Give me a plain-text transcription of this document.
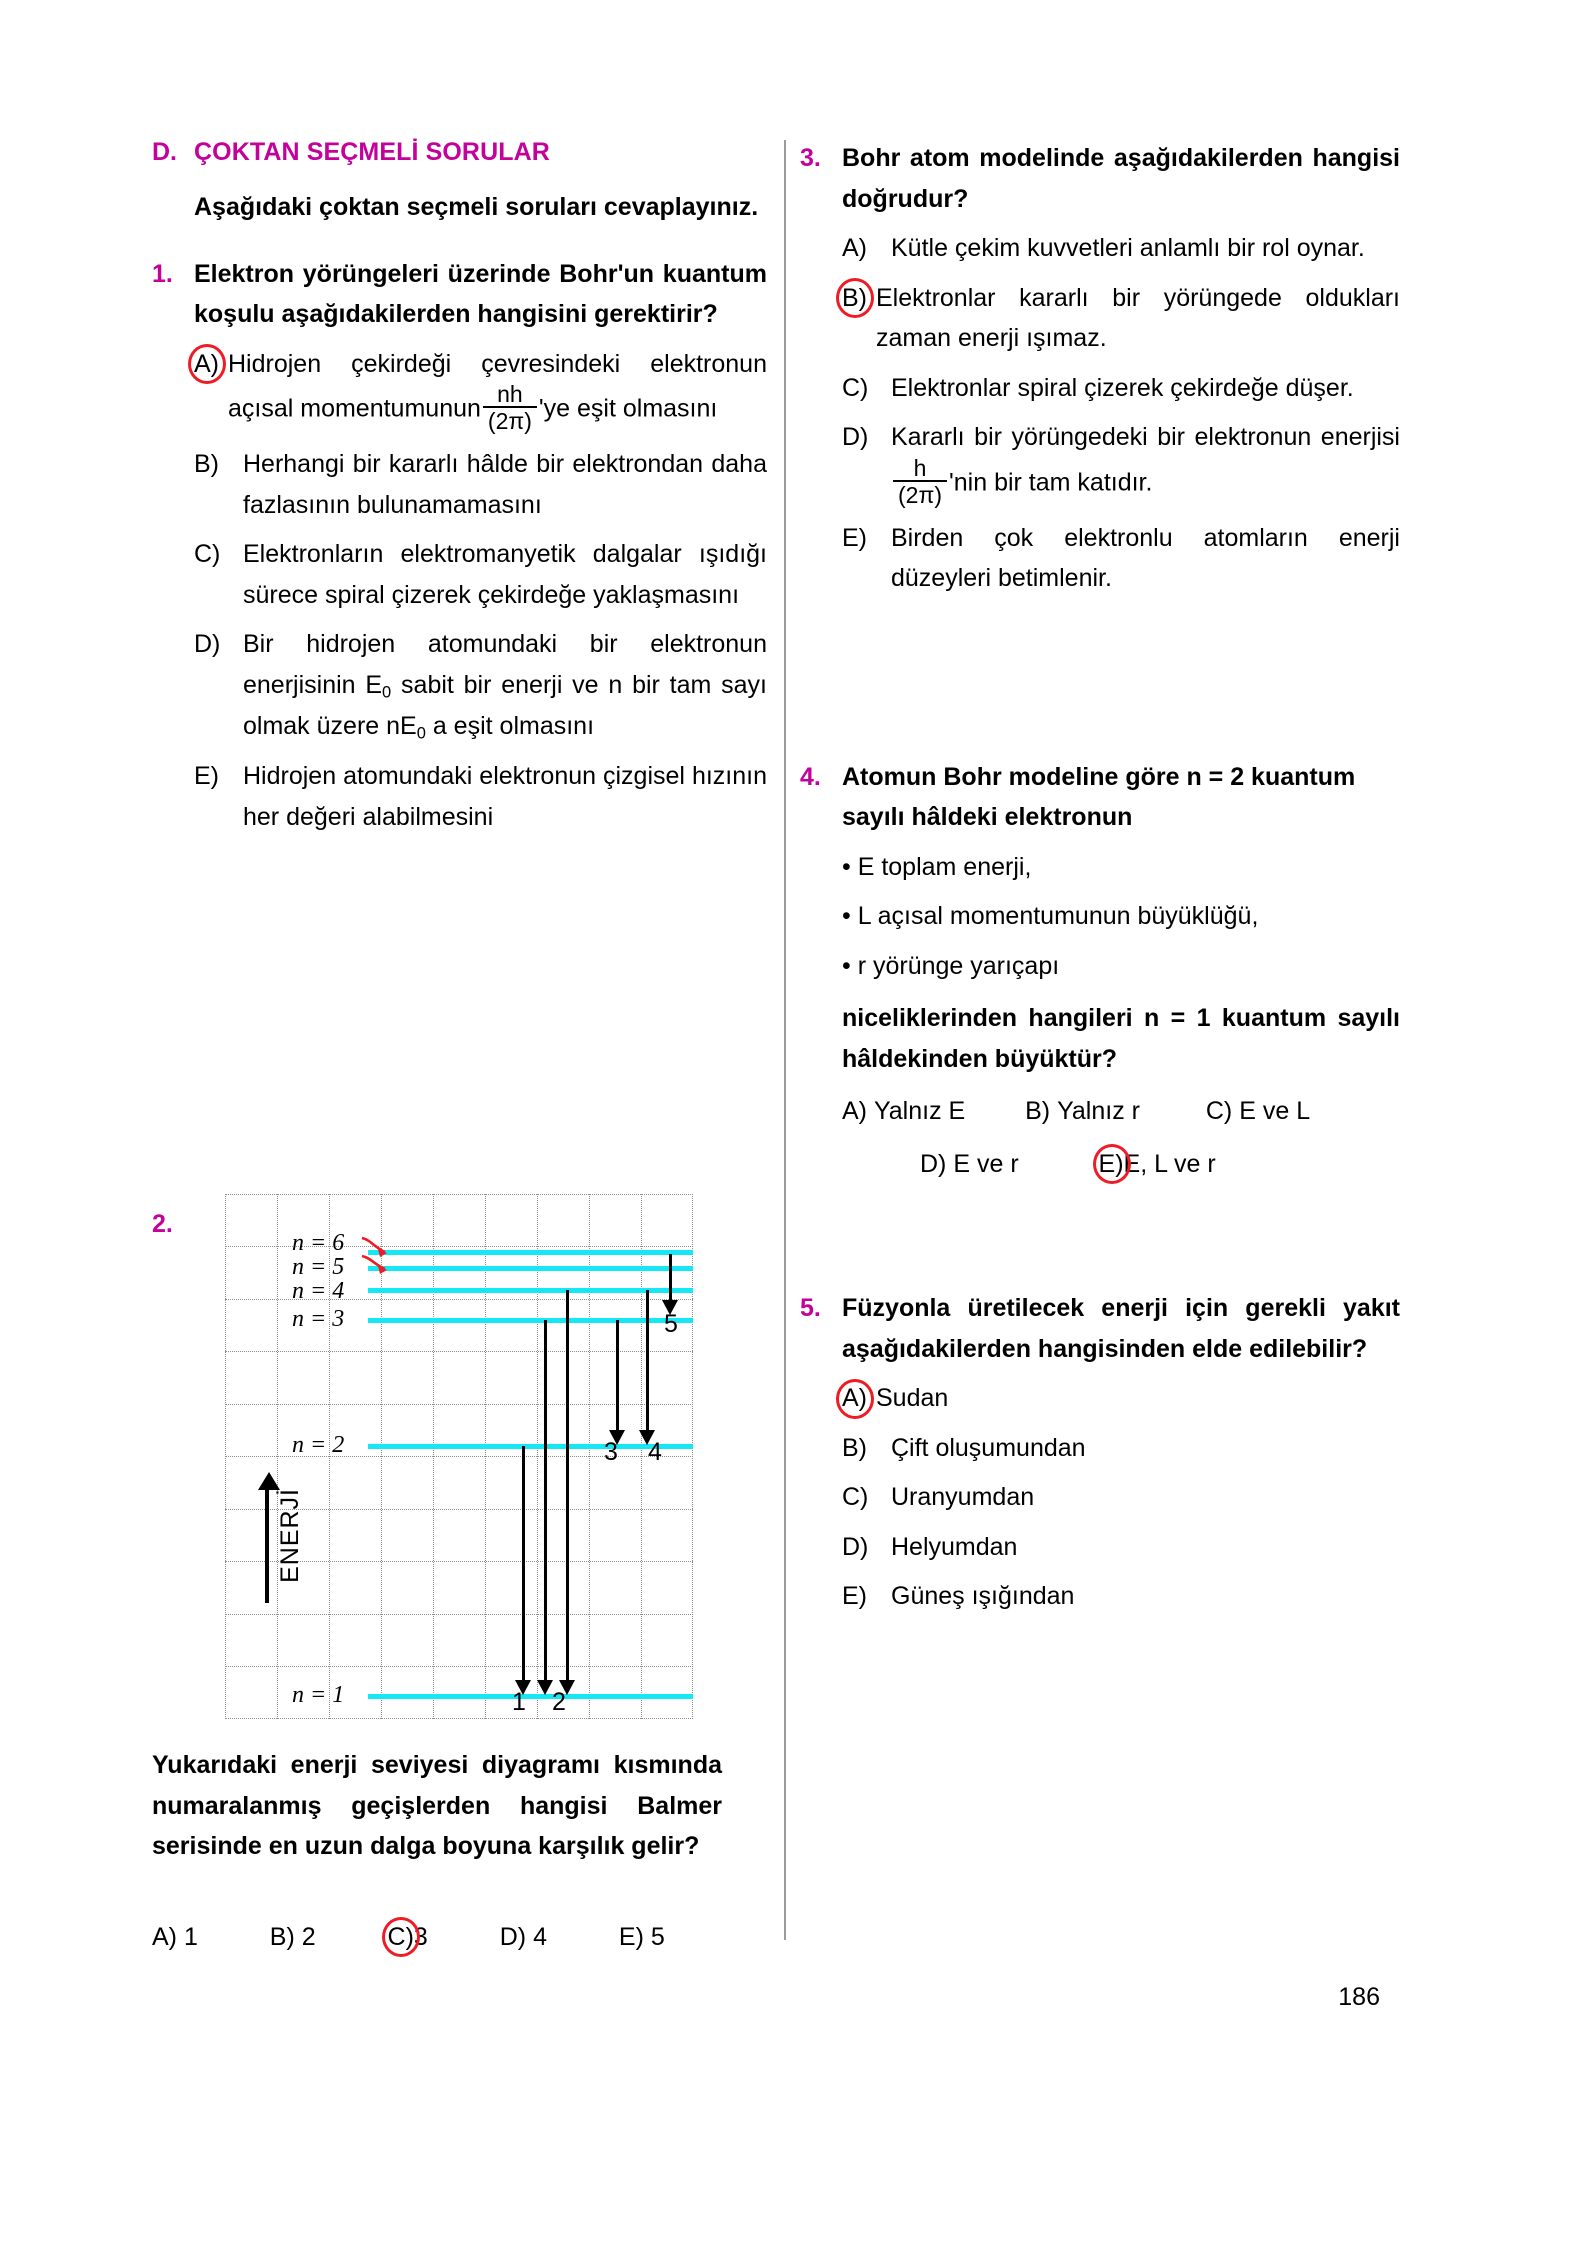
D. ÇOKTAN SEÇMELİ SORULAR
Aşağıdaki çoktan seçmeli soruları cevaplayınız.
1. Elektron yörüngeleri üzerinde Bohr'un kuantum koşulu aşağıdakilerden hangisini gerektirir?
A) Hidrojen çekirdeği çevresindeki elektronun açısal momentumunun $\frac{nh}{(2\pi)}$ 'ye eşit olmasını
B) Herhangi bir kararlı hâlde bir elektrondan daha fazlasının bulunamamasını
C) Elektronların elektromanyetik dalgalar ışıdığı sürece spiral çizerek çekirdeğe yaklaşmasını
D) Bir hidrojen atomundaki bir elektronun enerjisinin $E_0$ sabit bir enerji ve n bir tam sayı olmak üzere $nE_0$ a eşit olmasını
E) Hidrojen atomundaki elektronun çizgisel hızının her değeri alabilmesini
2.
n = 6
n = 5
n = 4
n = 3
n = 2
n = 1	1 2
3 4
5
ENERJİ
Yukarıdaki enerji seviyesi diyagramı kısmında numaralanmış geçişlerden hangisi Balmer serisinde en uzun dalga boyuna karşılık gelir?
A) 1	B) 2	C)3	D) 4	E) 5
3. Bohr atom modelinde aşağıdakilerden hangisi doğrudur?
A) Kütle çekim kuvvetleri anlamlı bir rol oynar.
B) Elektronlar kararlı bir yörüngede oldukları zaman enerji ışımaz.
C) Elektronlar spiral çizerek çekirdeğe düşer.
D) Kararlı bir yörüngedeki bir elektronun enerjisi
$\frac{h}{(2\pi)}$ 'nin bir tam katıdır.
E) Birden çok elektronlu atomların enerji düzeyleri betimlenir.
4. Atomun Bohr modeline göre n = 2 kuantum sayılı hâldeki elektronun
• E toplam enerji,
• L açısal momentumunun büyüklüğü,
• r yörünge yarıçapı
niceliklerinden hangileri n = 1 kuantum sayılı hâldekinden büyüktür?
A) Yalnız E B) Yalnız r	C) E ve L
D) E ve r	E)E, L ve r
5. Füzyonla üretilecek enerji için gerekli yakıt aşağıdakilerden hangisinden elde edilebilir?
A) Sudan
B) Çift oluşumundan
C) Uranyumdan
D) Helyumdan
E) Güneş ışığından
186
